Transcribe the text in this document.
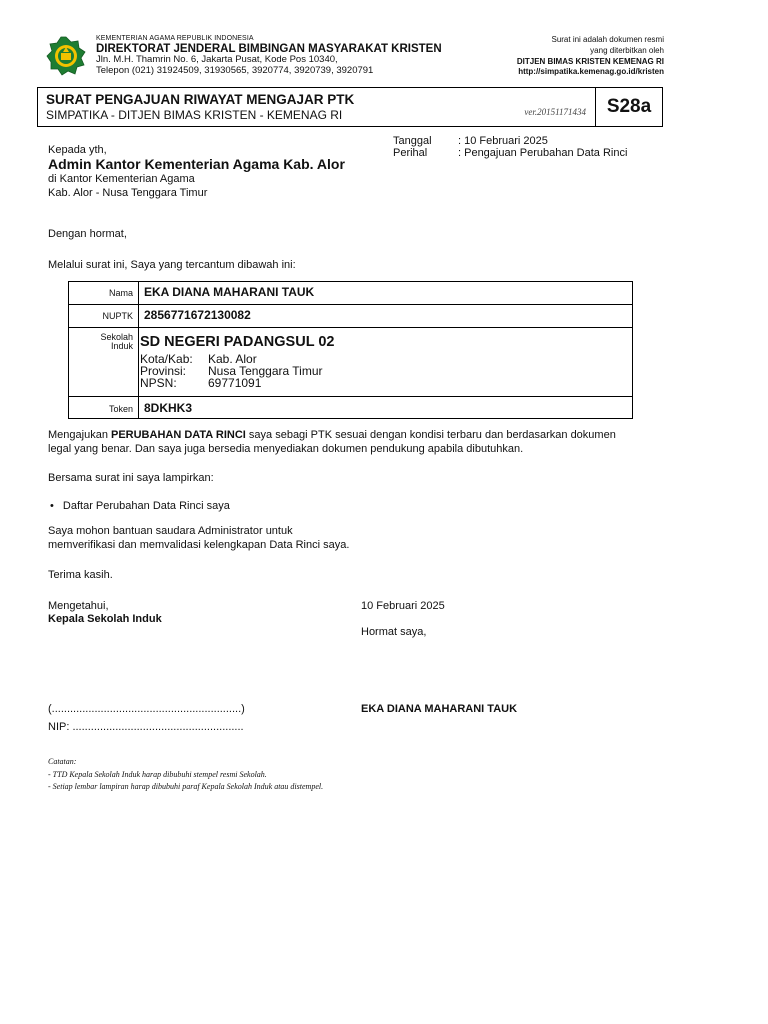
KEMENTERIAN AGAMA REPUBLIK INDONESIA
DIREKTORAT JENDERAL BIMBINGAN MASYARAKAT KRISTEN
Jln. M.H. Thamrin No. 6, Jakarta Pusat, Kode Pos 10340,
Telepon (021) 31924509, 31930565, 3920774, 3920739, 3920791
Surat ini adalah dokumen resmi
yang diterbitkan oleh
DITJEN BIMAS KRISTEN KEMENAG RI
http://simpatika.kemenag.go.id/kristen
SURAT PENGAJUAN RIWAYAT MENGAJAR PTK
SIMPATIKA - DITJEN BIMAS KRISTEN - KEMENAG RI	ver.20151171434	S28a
Tanggal : 10 Februari 2025
Perihal	: Pengajuan Perubahan Data Rinci
Kepada yth,
Admin Kantor Kementerian Agama Kab. Alor
di Kantor Kementerian Agama
Kab. Alor - Nusa Tenggara Timur
Dengan hormat,
Melalui surat ini, Saya yang tercantum dibawah ini:
Nama EKA DIANA MAHARANI TAUK
NUPTK 2856771672130082
Sekolah
Induk SD NEGERI PADANGSUL 02
Kota/Kab: Kab. Alor
Provinsi: Nusa Tenggara Timur
NPSN:	69771091
Token 8DKHK3
Mengajukan PERUBAHAN DATA RINCI saya sebagi PTK sesuai dengan kondisi terbaru dan berdasarkan dokumen
legal yang benar. Dan saya juga bersedia menyediakan dokumen pendukung apabila dibutuhkan.
Bersama surat ini saya lampirkan:
• Daftar Perubahan Data Rinci saya
Saya mohon bantuan saudara Administrator untuk
memverifikasi dan memvalidasi kelengkapan Data Rinci saya.
Terima kasih.
Mengetahui,
Kepala Sekolah Induk
10 Februari 2025
Hormat saya,
(..............................................................)
NIP: ........................................................
EKA DIANA MAHARANI TAUK
Catatan:
- TTD Kepala Sekolah Induk harap dibubuhi stempel resmi Sekolah.
- Setiap lembar lampiran harap dibubuhi paraf Kepala Sekolah Induk atau distempel.
